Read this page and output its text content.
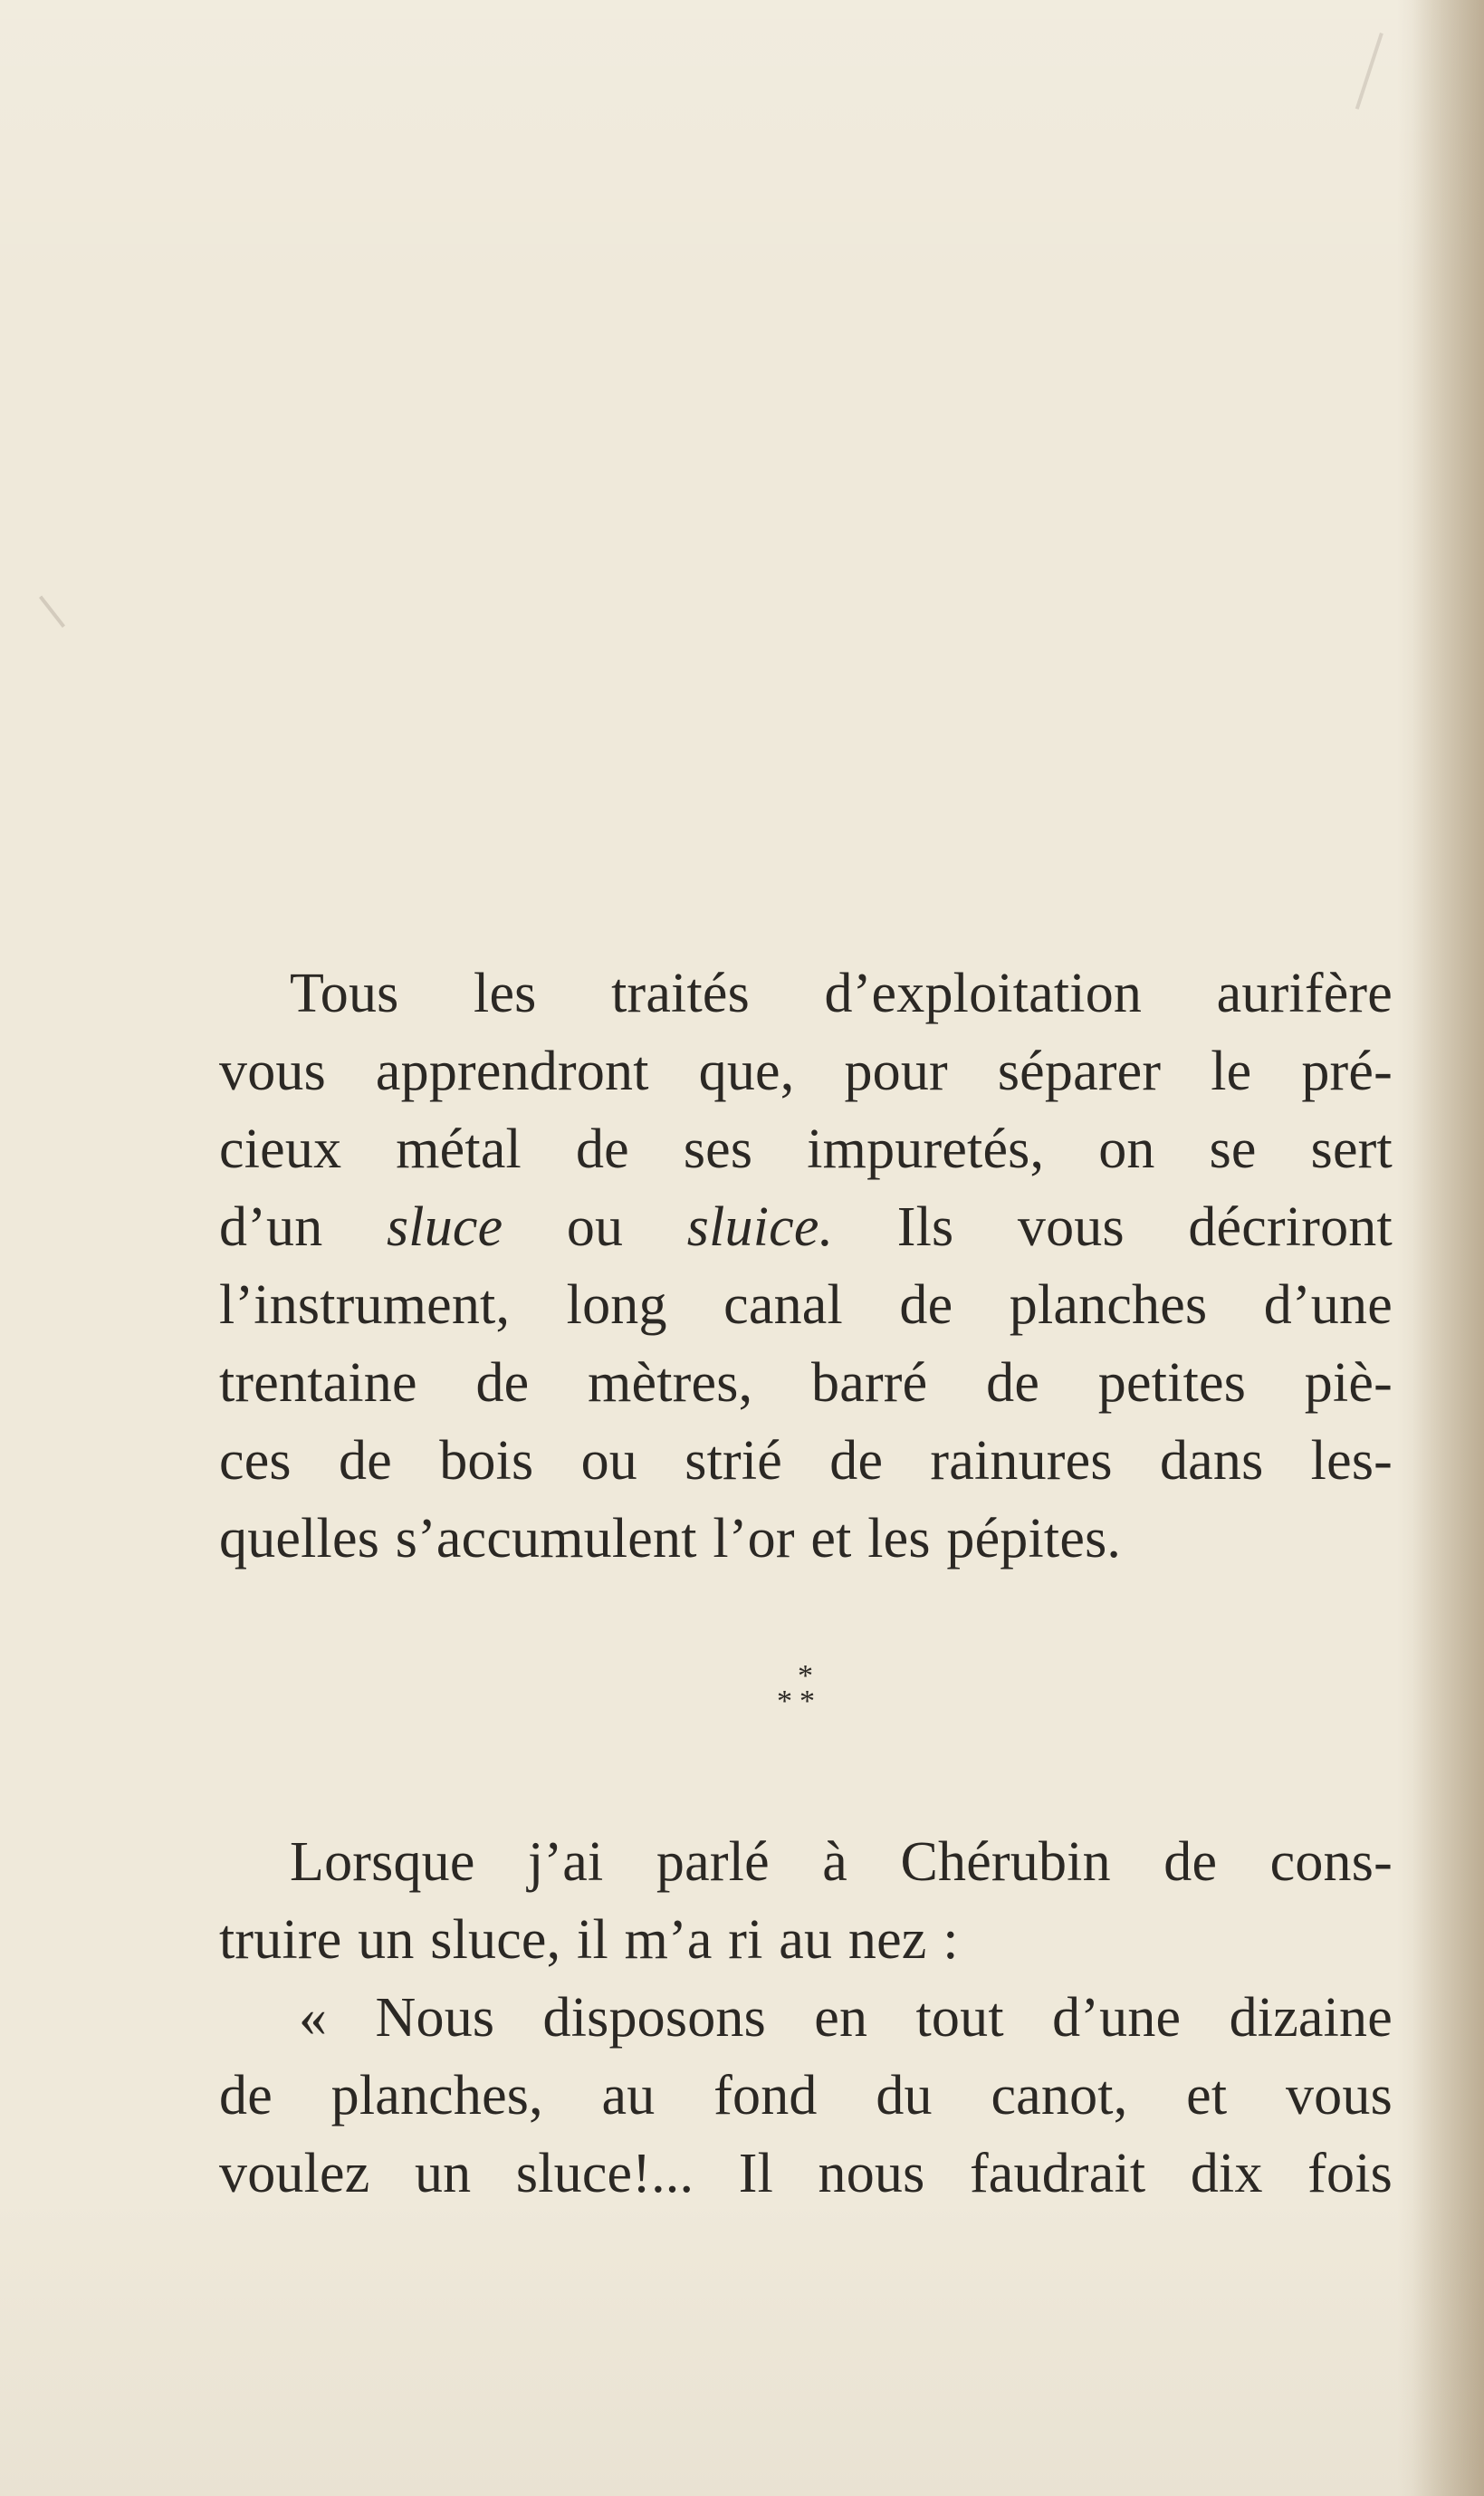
Tous les traités d’exploitation aurifère
vous apprendront que, pour séparer le pré-
cieux métal de ses impuretés, on se sert
d’un sluce ou sluice. Ils vous décriront
l’instrument, long canal de planches d’une
trentaine de mètres, barré de petites piè-
ces de bois ou strié de rainures dans les-
quelles s’accumulent l’or et les pépites.
*
**
Lorsque j’ai parlé à Chérubin de cons-
truire un sluce, il m’a ri au nez :
« Nous disposons en tout d’une dizaine
de planches, au fond du canot, et vous
voulez un sluce!... Il nous faudrait dix fois
